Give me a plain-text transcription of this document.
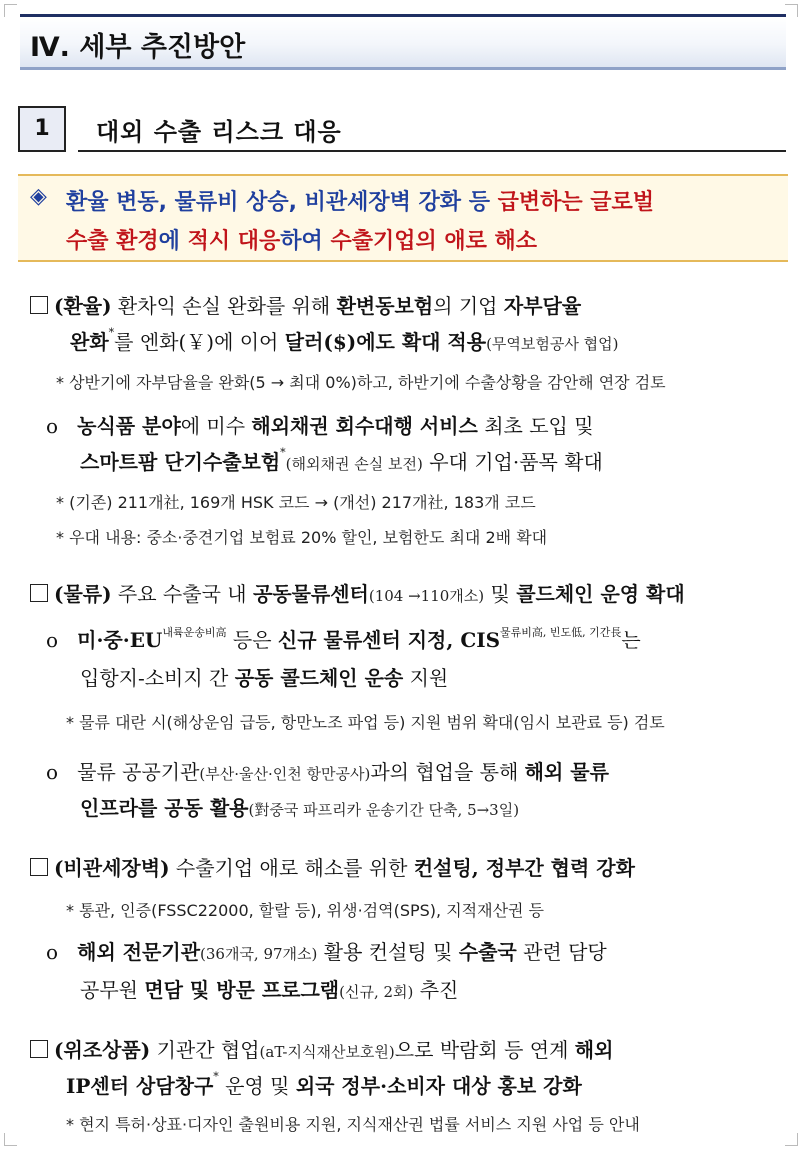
Ⅳ. 세부 추진방안
1	대외 수출 리스크 대응
◈ 환율 변동, 물류비 상승, 비관세장벽 강화 등 급변하는 글로벌
수출 환경에 적시 대응하여 수출기업의 애로 해소
(환율) 환차익 손실 완화를 위해 환변동보험의 기업 자부담율
완화*를 엔화(￥)에 이어 달러($)에도 확대 적용(무역보험공사 협업)
* 상반기에 자부담율을 완화(5 → 최대 0%)하고, 하반기에 수출상황을 감안해 연장 검토
ο 농식품 분야에 미수 해외채권 회수대행 서비스 최초 도입 및
스마트팜 단기수출보험*(해외채권 손실 보전) 우대 기업·품목 확대
* (기존) 211개社, 169개 HSK 코드 → (개선) 217개社, 183개 코드
* 우대 내용: 중소·중견기업 보험료 20% 할인, 보험한도 최대 2배 확대
(물류) 주요 수출국 내 공동물류센터(104 →110개소) 및 콜드체인 운영 확대
ο 미·중$\cdot EU^{내륙운송비高}$ 등은 신규 물류센터 지정, $CIS^{물류비高, 빈도低, 기간長}$는
입항지-소비지 간 공동 콜드체인 운송 지원
* 물류 대란 시(해상운임 급등, 항만노조 파업 등) 지원 범위 확대(임시 보관료 등) 검토
ο 물류 공공기관(부산·울산·인천 항만공사)과의 협업을 통해 해외 물류
인프라를 공동 활용(對중국 파프리카 운송기간 단축, 5→3일)
(비관세장벽) 수출기업 애로 해소를 위한 컨설팅, 정부간 협력 강화
* 통관, 인증(FSSC22000, 할랄 등), 위생·검역(SPS), 지적재산권 등
ο 해외 전문기관(36개국, 97개소) 활용 컨설팅 및 수출국 관련 담당
공무원 면담 및 방문 프로그램(신규, 2회) 추진
(위조상품) 기관간 협업(aT-지식재산보호원)으로 박람회 등 연계 해외
IP센터 상담창구* 운영 및 외국 정부·소비자 대상 홍보 강화
* 현지 특허·상표·디자인 출원비용 지원, 지식재산권 법률 서비스 지원 사업 등 안내
